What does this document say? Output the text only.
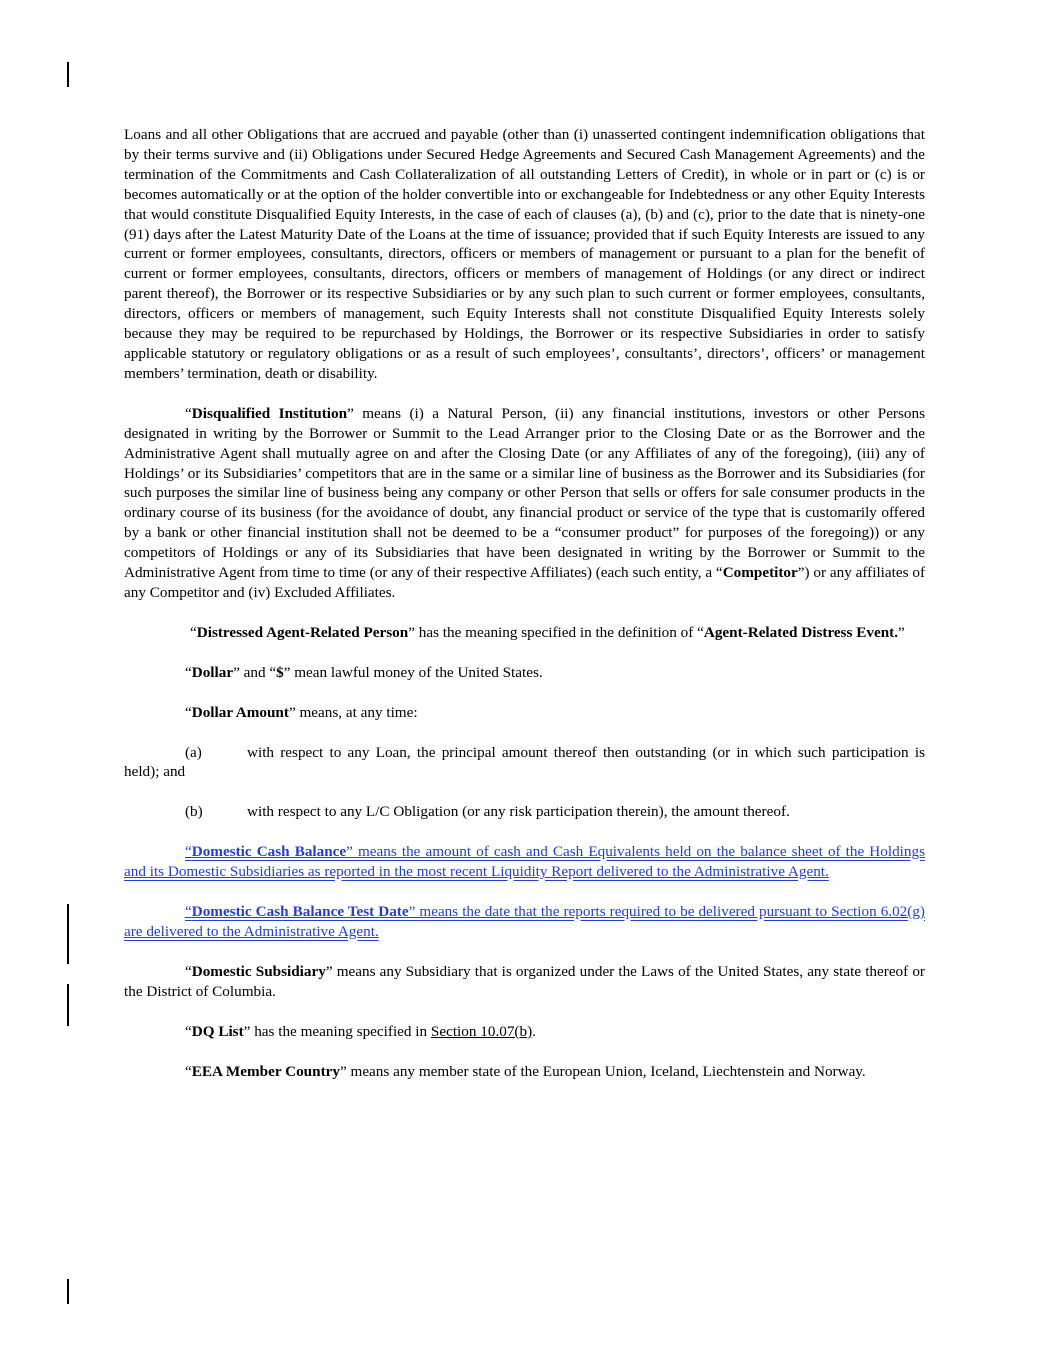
Loans and all other Obligations that are accrued and payable (other than (i) unasserted contingent indemnification obligations that by their terms survive and (ii) Obligations under Secured Hedge Agreements and Secured Cash Management Agreements) and the termination of the Commitments and Cash Collateralization of all outstanding Letters of Credit), in whole or in part or (c) is or becomes automatically or at the option of the holder convertible into or exchangeable for Indebtedness or any other Equity Interests that would constitute Disqualified Equity Interests, in the case of each of clauses (a), (b) and (c), prior to the date that is ninety-one (91) days after the Latest Maturity Date of the Loans at the time of issuance; provided that if such Equity Interests are issued to any current or former employees, consultants, directors, officers or members of management or pursuant to a plan for the benefit of current or former employees, consultants, directors, officers or members of management of Holdings (or any direct or indirect parent thereof), the Borrower or its respective Subsidiaries or by any such plan to such current or former employees, consultants, directors, officers or members of management, such Equity Interests shall not constitute Disqualified Equity Interests solely because they may be required to be repurchased by Holdings, the Borrower or its respective Subsidiaries in order to satisfy applicable statutory or regulatory obligations or as a result of such employees’, consultants’, directors’, officers’ or management members’ termination, death or disability.

“Disqualified Institution” means (i) a Natural Person, (ii) any financial institutions, investors or other Persons designated in writing by the Borrower or Summit to the Lead Arranger prior to the Closing Date or as the Borrower and the Administrative Agent shall mutually agree on and after the Closing Date (or any Affiliates of any of the foregoing), (iii) any of Holdings’ or its Subsidiaries’ competitors that are in the same or a similar line of business as the Borrower and its Subsidiaries (for such purposes the similar line of business being any company or other Person that sells or offers for sale consumer products in the ordinary course of its business (for the avoidance of doubt, any financial product or service of the type that is customarily offered by a bank or other financial institution shall not be deemed to be a “consumer product” for purposes of the foregoing)) or any competitors of Holdings or any of its Subsidiaries that have been designated in writing by the Borrower or Summit to the Administrative Agent from time to time (or any of their respective Affiliates) (each such entity, a “Competitor”) or any affiliates of any Competitor and (iv) Excluded Affiliates.

“Distressed Agent-Related Person” has the meaning specified in the definition of “Agent-Related Distress Event.”

“Dollar” and “$” mean lawful money of the United States.

“Dollar Amount” means, at any time:

(a)	with respect to any Loan, the principal amount thereof then outstanding (or in which such participation is held); and

(b)	with respect to any L/C Obligation (or any risk participation therein), the amount thereof.

“Domestic Cash Balance” means the amount of cash and Cash Equivalents held on the balance sheet of the Holdings and its Domestic Subsidiaries as reported in the most recent Liquidity Report delivered to the Administrative Agent.

“Domestic Cash Balance Test Date” means the date that the reports required to be delivered pursuant to Section 6.02(g) are delivered to the Administrative Agent.

“Domestic Subsidiary” means any Subsidiary that is organized under the Laws of the United States, any state thereof or the District of Columbia.

“DQ List” has the meaning specified in Section 10.07(b).

“EEA Member Country” means any member state of the European Union, Iceland, Liechtenstein and Norway.
